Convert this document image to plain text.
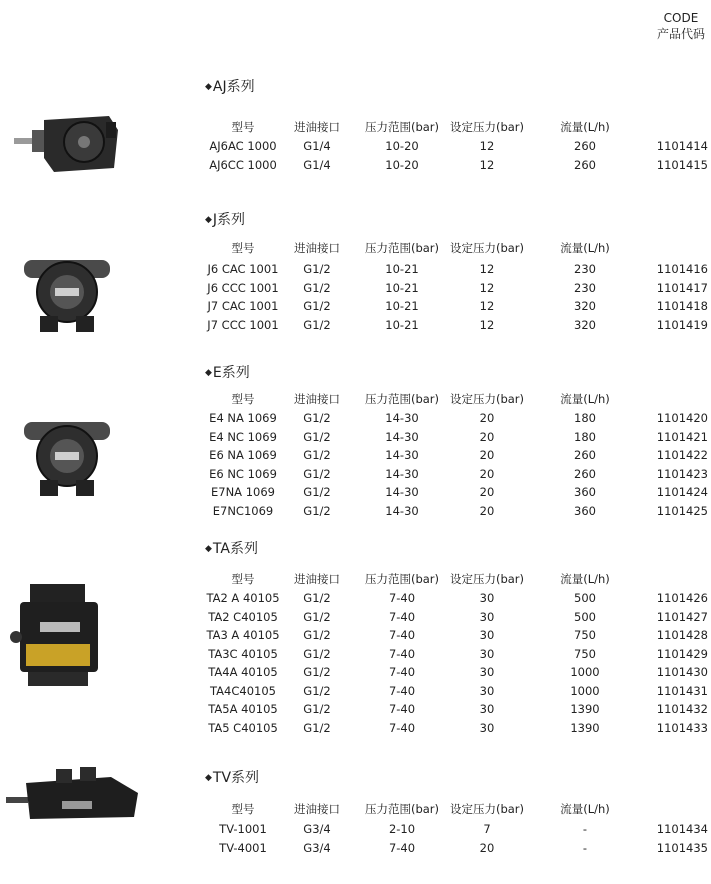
CODE
产品代码
◆AJ系列
型号	进油接口	压力范围(bar) 设定压力(bar)	流量(L/h)
AJ6AC 1000	G1/4	10-20	12	260	1101414
AJ6CC 1000	G1/4	10-20	12	260	1101415
◆J系列
型号	进油接口	压力范围(bar) 设定压力(bar)	流量(L/h)
J6 CAC 1001	G1/2	10-21	12	230	1101416
J6 CCC 1001	G1/2	10-21	12	230	1101417
J7 CAC 1001	G1/2	10-21	12	320	1101418
J7 CCC 1001	G1/2	10-21	12	320	1101419
◆E系列
型号	进油接口	压力范围(bar) 设定压力(bar)	流量(L/h)
E4 NA 1069	G1/2	14-30	20	180	1101420
E4 NC 1069	G1/2	14-30	20	180	1101421
E6 NA 1069	G1/2	14-30	20	260	1101422
E6 NC 1069	G1/2	14-30	20	260	1101423
E7NA 1069	G1/2	14-30	20	360	1101424
E7NC1069	G1/2	14-30	20	360	1101425
◆TA系列
型号	进油接口	压力范围(bar) 设定压力(bar)	流量(L/h)
TA2 A 40105	G1/2	7-40	30	500	1101426
TA2 C40105	G1/2	7-40	30	500	1101427
TA3 A 40105	G1/2	7-40	30	750	1101428
TA3C 40105	G1/2	7-40	30	750	1101429
TA4A 40105	G1/2	7-40	30	1000	1101430
TA4C40105	G1/2	7-40	30	1000	1101431
TA5A 40105	G1/2	7-40	30	1390	1101432
TA5 C40105	G1/2	7-40	30	1390	1101433
◆TV系列
型号	进油接口	压力范围(bar) 设定压力(bar)	流量(L/h)
TV-1001	G3/4	2-10	7	-	1101434
TV-4001	G3/4	7-40	20	-	1101435
